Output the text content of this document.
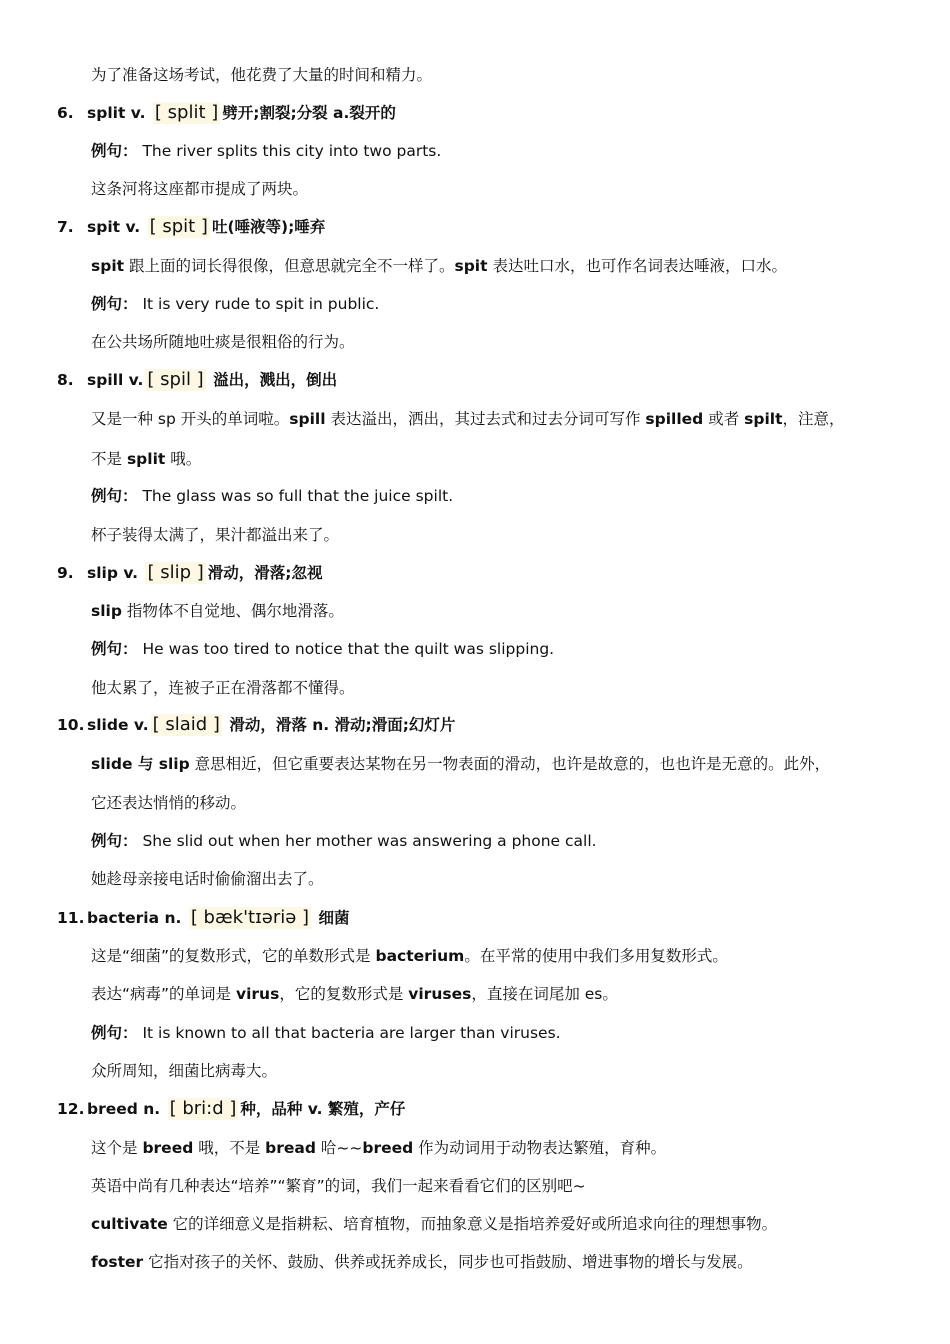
为了准备这场考试，他花费了大量的时间和精力。
6. split v. [ split ] 劈开;割裂;分裂 a.裂开的
例句： The river splits this city into two parts.
这条河将这座都市提成了两块。
7. spit v. [ spit ] 吐(唾液等);唾弃
spit 跟上面的词长得很像，但意思就完全不一样了。spit 表达吐口水，也可作名词表达唾液，口水。
例句： It is very rude to spit in public.
在公共场所随地吐痰是很粗俗的行为。
8. spill v. [ spil ] 溢出，溅出，倒出
又是一种 sp 开头的单词啦。spill 表达溢出，洒出，其过去式和过去分词可写作 spilled 或者 spilt，注意，
不是 split 哦。
例句： The glass was so full that the juice spilt.
杯子装得太满了，果汁都溢出来了。
9. slip v. [ slip ] 滑动，滑落;忽视
slip 指物体不自觉地、偶尔地滑落。
例句： He was too tired to notice that the quilt was slipping.
他太累了，连被子正在滑落都不懂得。
10. slide v. [ slaid ] 滑动，滑落 n. 滑动;滑面;幻灯片
slide 与 slip 意思相近，但它重要表达某物在另一物表面的滑动，也许是故意的，也也许是无意的。此外，
它还表达悄悄的移动。
例句： She slid out when her mother was answering a phone call.
她趁母亲接电话时偷偷溜出去了。
11. bacteria n. [ bæk'tɪəriə ] 细菌
这是“细菌”的复数形式，它的单数形式是 bacterium。在平常的使用中我们多用复数形式。
表达“病毒”的单词是 virus，它的复数形式是 viruses，直接在词尾加 es。
例句： It is known to all that bacteria are larger than viruses.
众所周知，细菌比病毒大。
12. breed n. [ bri:d ] 种，品种 v. 繁殖，产仔
这个是 breed 哦，不是 bread 哈~~breed 作为动词用于动物表达繁殖，育种。
英语中尚有几种表达“培养”“繁育”的词，我们一起来看看它们的区别吧~
cultivate 它的详细意义是指耕耘、培育植物，而抽象意义是指培养爱好或所追求向往的理想事物。
foster 它指对孩子的关怀、鼓励、供养或抚养成长，同步也可指鼓励、增进事物的增长与发展。
